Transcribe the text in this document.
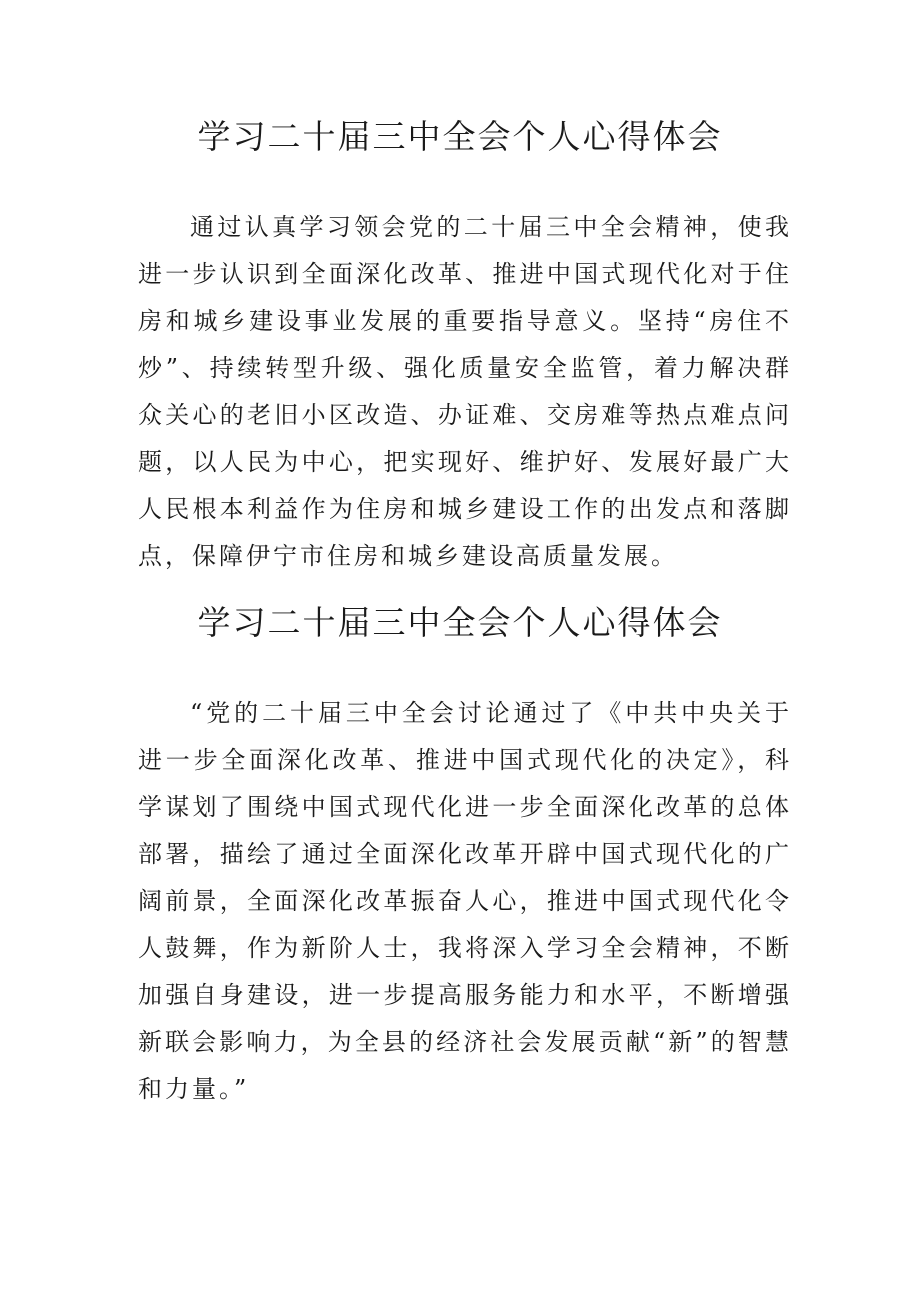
学习二十届三中全会个人心得体会

通过认真学习领会党的二十届三中全会精神，使我进一步认识到全面深化改革、推进中国式现代化对于住房和城乡建设事业发展的重要指导意义。坚持“房住不炒”、持续转型升级、强化质量安全监管，着力解决群众关心的老旧小区改造、办证难、交房难等热点难点问题，以人民为中心，把实现好、维护好、发展好最广大人民根本利益作为住房和城乡建设工作的出发点和落脚点，保障伊宁市住房和城乡建设高质量发展。

学习二十届三中全会个人心得体会

“党的二十届三中全会讨论通过了《中共中央关于进一步全面深化改革、推进中国式现代化的决定》，科学谋划了围绕中国式现代化进一步全面深化改革的总体部署，描绘了通过全面深化改革开辟中国式现代化的广阔前景，全面深化改革振奋人心，推进中国式现代化令人鼓舞，作为新阶人士，我将深入学习全会精神，不断加强自身建设，进一步提高服务能力和水平，不断增强新联会影响力，为全县的经济社会发展贡献“新”的智慧和力量。”
